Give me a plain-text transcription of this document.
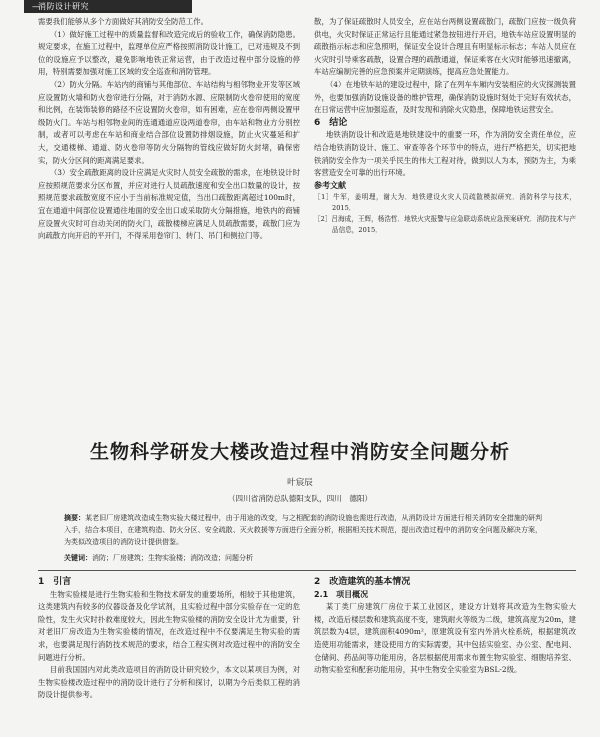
—消防设计研究

需要我们能够从多个方面做好其消防安全防范工作。

（1）做好施工过程中的质量监督和改造完成后的验收工作，确保消防隐患。规定要求，在施工过程中，监理单位应严格按照消防设计施工，已对违规及不到位的设施应予以整改，避免影响地铁正常运营，由于改造过程中部分设施的停用，特别需要加强对施工区域的安全巡查和消防管理。

（2）防火分隔。车站内的商铺与其他部位、车站结构与相邻物业开发等区域应设置防火墙和防火卷帘进行分隔，对于消防水源、应限制防火卷帘使用的宽度和比例，在装饰装修的路径不应设置防火卷帘，如有困难，应在卷帘两侧设置甲级防火门。车站与相邻物业间的连通通道应设两道卷帘，由车站和物业方分别控制，或者可以考虑在车站和商业结合部位设置防排烟设施，防止火灾蔓延和扩大，交通楼梯、通道、防火卷帘等防火分隔物的管线应做好防火封堵，确保密实，防火分区间的距离满足要求。

（3）安全疏散距离的设计应满足火灾时人员安全疏散的需求，在地铁设计时应按照规范要求分区布置，并应对进行人员疏散速度和安全出口数量的设计，按照规范要求疏散宽度不应小于当前标准规定值，当出口疏散距离超过100m时，宜在通道中间部位设置通往地面的安全出口或采取防火分隔措施，地铁内的商铺应设置火灾时可自动关闭的防火门，疏散楼梯应满足人员疏散需要，疏散门应为向疏散方向开启的平开门，不得采用卷帘门、转门、吊门和侧拉门等。

散，为了保证疏散时人员安全，应在站台两侧设置疏散门，疏散门应按一级负荷供电，火灾时保证正常运行且能通过紧急按钮进行开启，地铁车站应设置明显的疏散指示标志和应急照明，保证安全设计合理且有明显标示标志；车站人员应在火灾时引导乘客疏散，设置合理的疏散通道，保证乘客在火灾时能够迅速撤离，车站应编制完善的应急预案并定期演练，提高应急处置能力。

（4）在地铁车站的建设过程中，除了在列车车厢内安装相应的火灾探测装置外，也要加强消防设施设备的维护管理，确保消防设施时刻处于完好有效状态，在日常运营中应加强巡查，及时发现和消除火灾隐患，保障地铁运营安全。

6　结论

地铁消防设计和改造是地铁建设中的重要一环，作为消防安全责任单位，应结合地铁消防设计、施工、审查等各个环节中的特点，进行严格把关，切实把地铁消防安全作为一项关乎民生的伟大工程对待，做到以人为本，预防为主，为乘客营造安全可靠的出行环境。

参考文献

［1］牛军，姜明理，谢大为．地铁建设火灾人员疏散模拟研究．消防科学与技术，2015．

［2］吕海成，王辉，杨浩哲．地铁火灾报警与应急联动系统应急预案研究．消防技术与产品信息，2015．

生物科学研发大楼改造过程中消防安全问题分析
叶宸辰
（四川省消防总队德阳支队，四川　德阳）
摘要：某老旧厂房建筑改造成生物实验大楼过程中，由于用途的改变，与之相配套的消防设施也需进行改造，从消防设计方面进行相关消防安全措施的研判入手，结合本项目，在建筑构造、防火分区、安全疏散、灭火救援等方面进行全面分析，根据相关技术规范，提出改造过程中的消防安全问题及解决方案，为类似改造项目的消防设计提供借鉴。
关键词：消防；厂房建筑；生物实验楼；消防改造；问题分析

1　引言

生物实验楼是进行生物实验和生物技术研发的重要场所，相较于其他建筑，这类建筑内有较多的仪器设备及化学试剂，且实验过程中部分实验存在一定的危险性，发生火灾时扑救难度较大，因此生物实验楼的消防安全设计尤为重要，针对老旧厂房改造为生物实验楼的情况，在改造过程中不仅要满足生物实验的需求，也要满足现行消防技术规范的要求，结合工程实例对改造过程中的消防安全问题进行分析。

目前我国国内对此类改造项目的消防设计研究较少，本文以某项目为例，对生物实验楼改造过程中的消防设计进行了分析和探讨，以期为今后类似工程的消防设计提供参考。

2　改造建筑的基本情况

2.1　项目概况

某丁类厂房建筑厂房位于某工业园区，建设方计划将其改造为生物实验大楼，改造后楼层数和建筑高度不变，建筑耐火等级为二级，建筑高度为20m，建筑层数为4层，建筑面积4090m²，原建筑设有室内外消火栓系统，根据建筑改造使用功能需求，建设使用方的实际需要，其中包括实验室、办公室、配电间、仓储间、药品间等功能用房，各层根据使用需求布置生物实验室、细胞培养室、动物实验室和配套功能用房，其中生物安全实验室为BSL-2级。
